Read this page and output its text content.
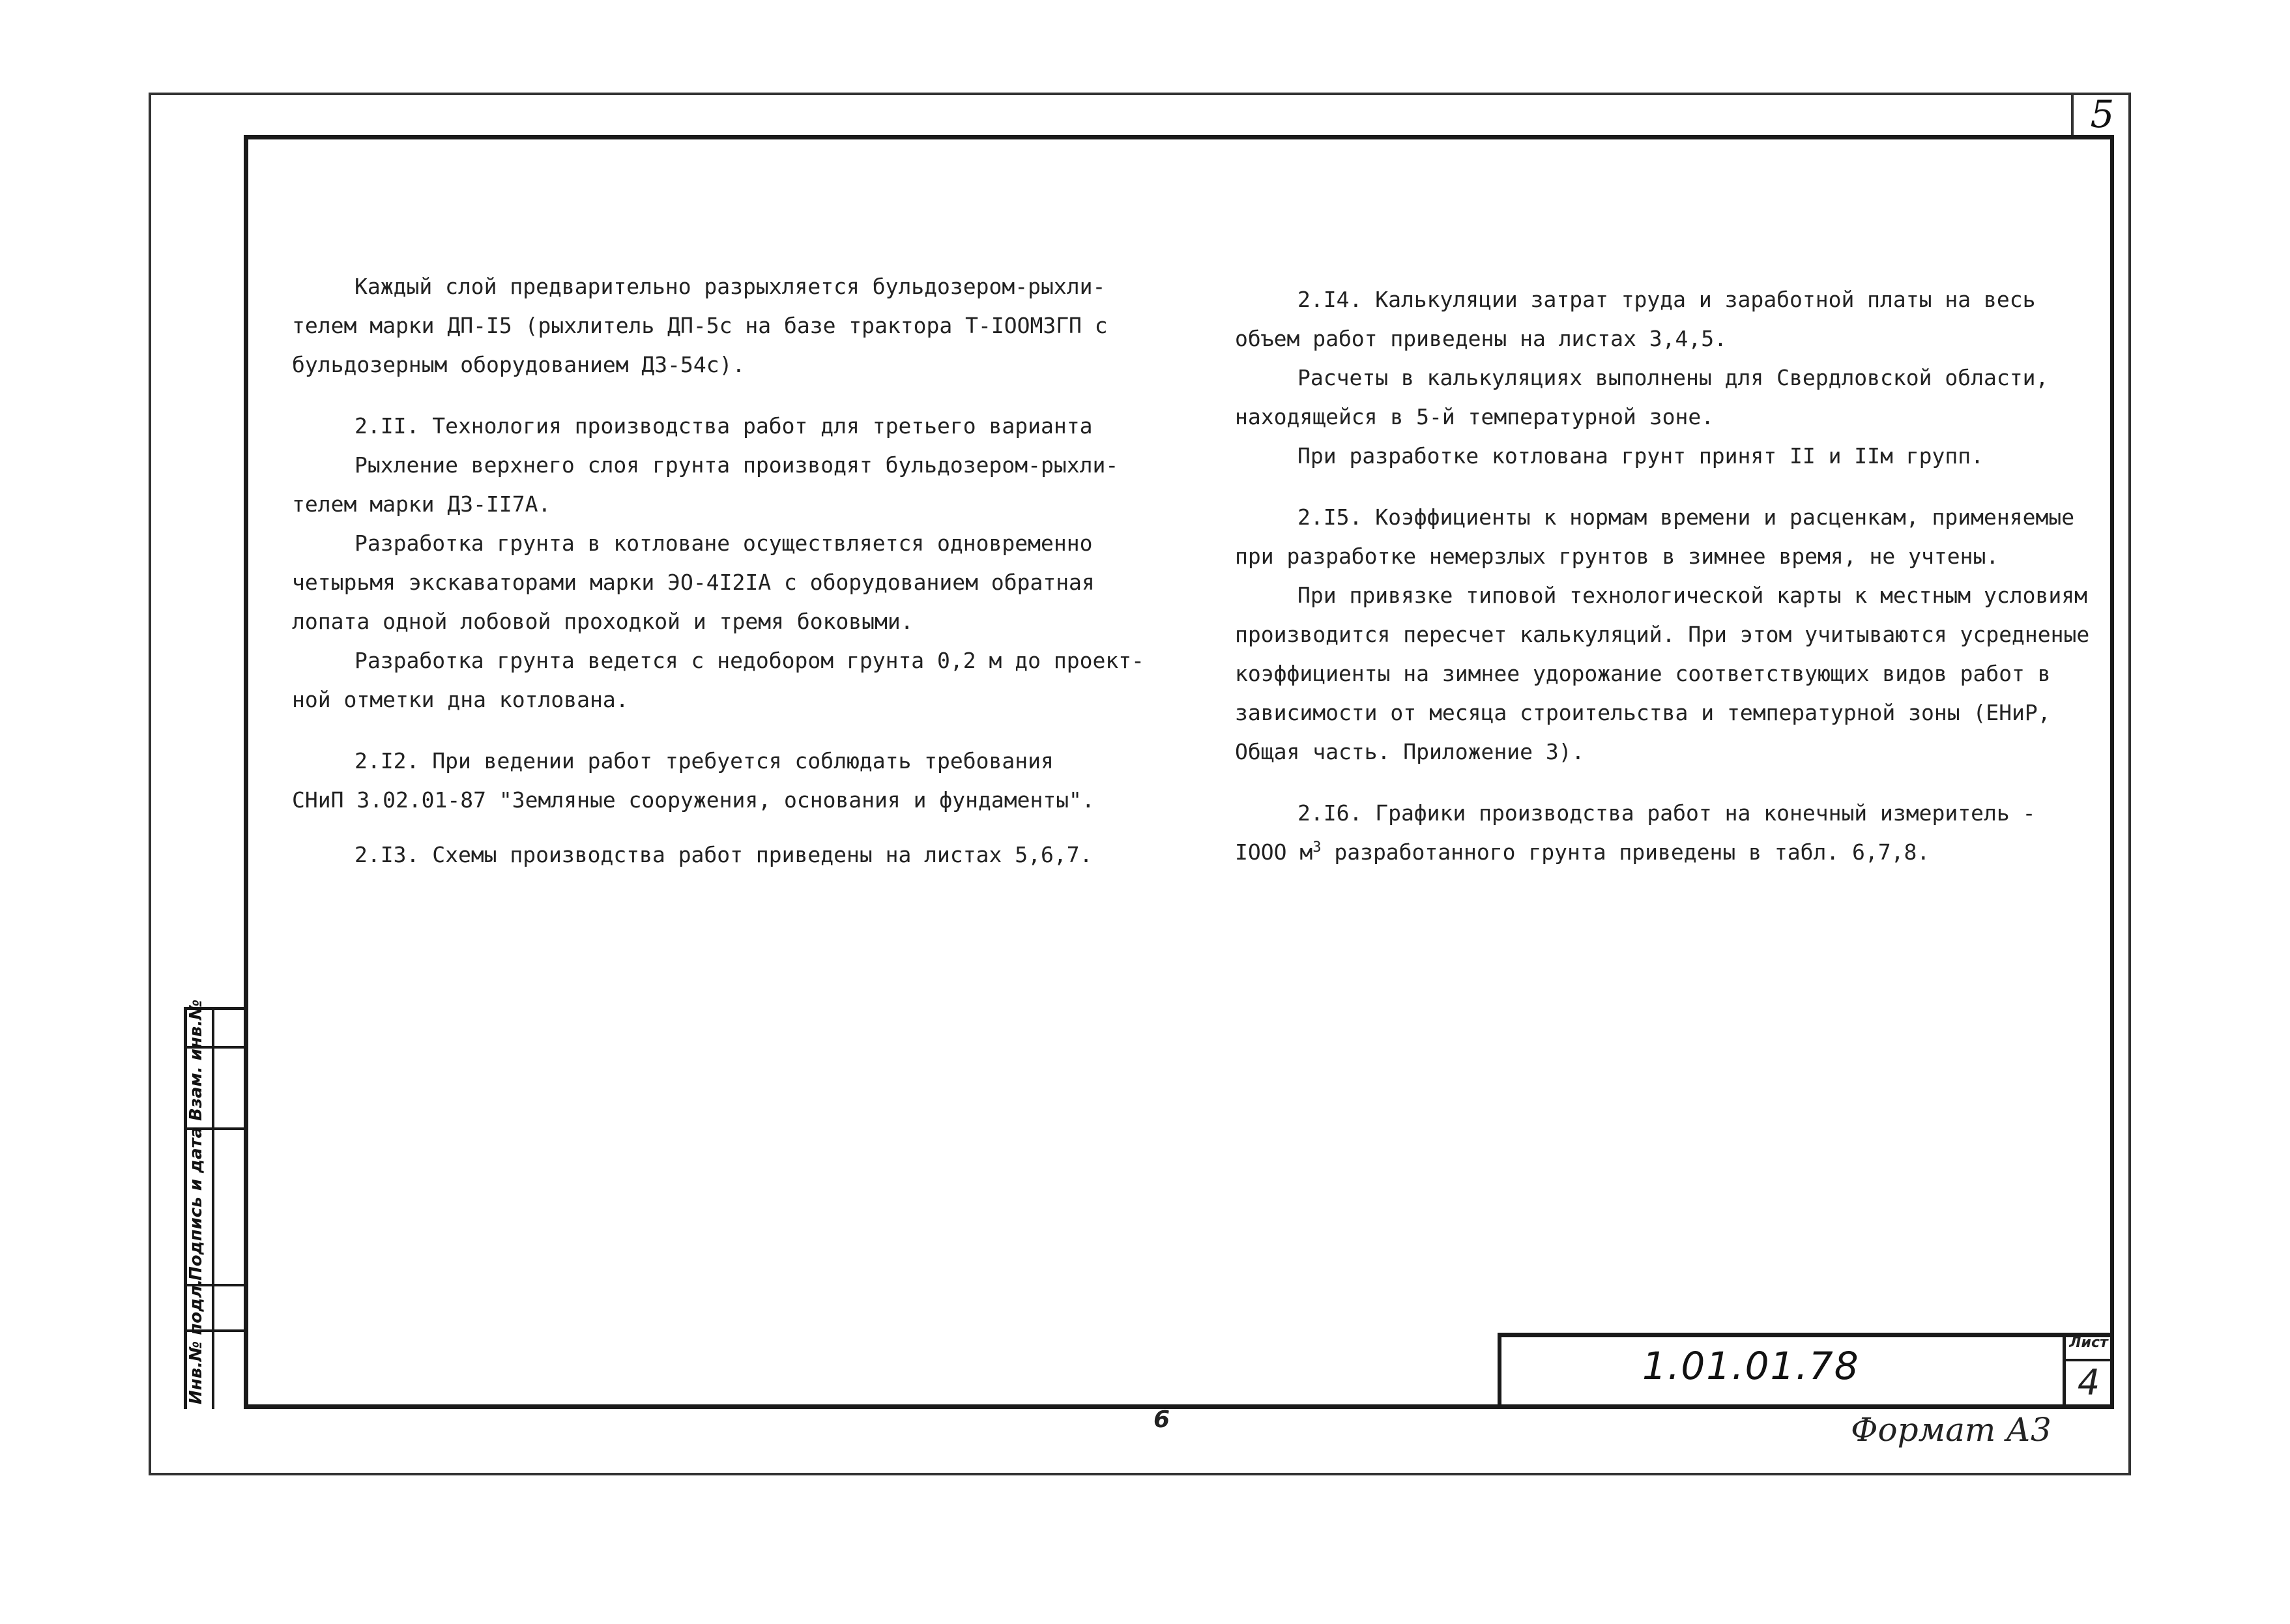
5

Каждый слой предварительно разрыхляется бульдозером-рыхли-

телем марки ДП-I5 (рыхлитель ДП-5с на базе трактора Т-IOOМЗГП с

бульдозерным оборудованием ДЗ-54с).

2.II. Технология производства работ для третьего варианта

Рыхление верхнего слоя грунта производят бульдозером-рыхли-

телем марки ДЗ-II7А.

Разработка грунта в котловане осуществляется одновременно

четырьмя экскаваторами марки ЭО-4I2IА с оборудованием обратная

лопата одной лобовой проходкой и тремя боковыми.

Разработка грунта ведется с недобором грунта 0,2 м до проект-

ной отметки дна котлована.

2.I2. При ведении работ требуется соблюдать требования

СНиП 3.02.01-87 "Земляные сооружения, основания и фундаменты".

2.I3. Схемы производства работ приведены на листах 5,6,7.

2.I4. Калькуляции затрат труда и заработной платы на весь

объем работ приведены на листах 3,4,5.

Расчеты в калькуляциях выполнены для Свердловской области,

находящейся в 5-й температурной зоне.

При разработке котлована грунт принят II и IIм групп.

2.I5. Коэффициенты к нормам времени и расценкам, применяемые

при разработке немерзлых грунтов в зимнее время, не учтены.

При привязке типовой технологической карты к местным условиям

производится пересчет калькуляций. При этом учитываются усредненые

коэффициенты на зимнее удорожание соответствующих видов работ в

зависимости от месяца строительства и температурной зоны (ЕНиР,

Общая часть. Приложение 3).

2.I6. Графики производства работ на конечный измеритель -

IOOO $м^3$ разработанного грунта приведены в табл. 6,7,8.

Взам. инв.№
Подпись и дата
Инв.№ подл.	1.01.01.78
Лист
4
6	Формат А3
